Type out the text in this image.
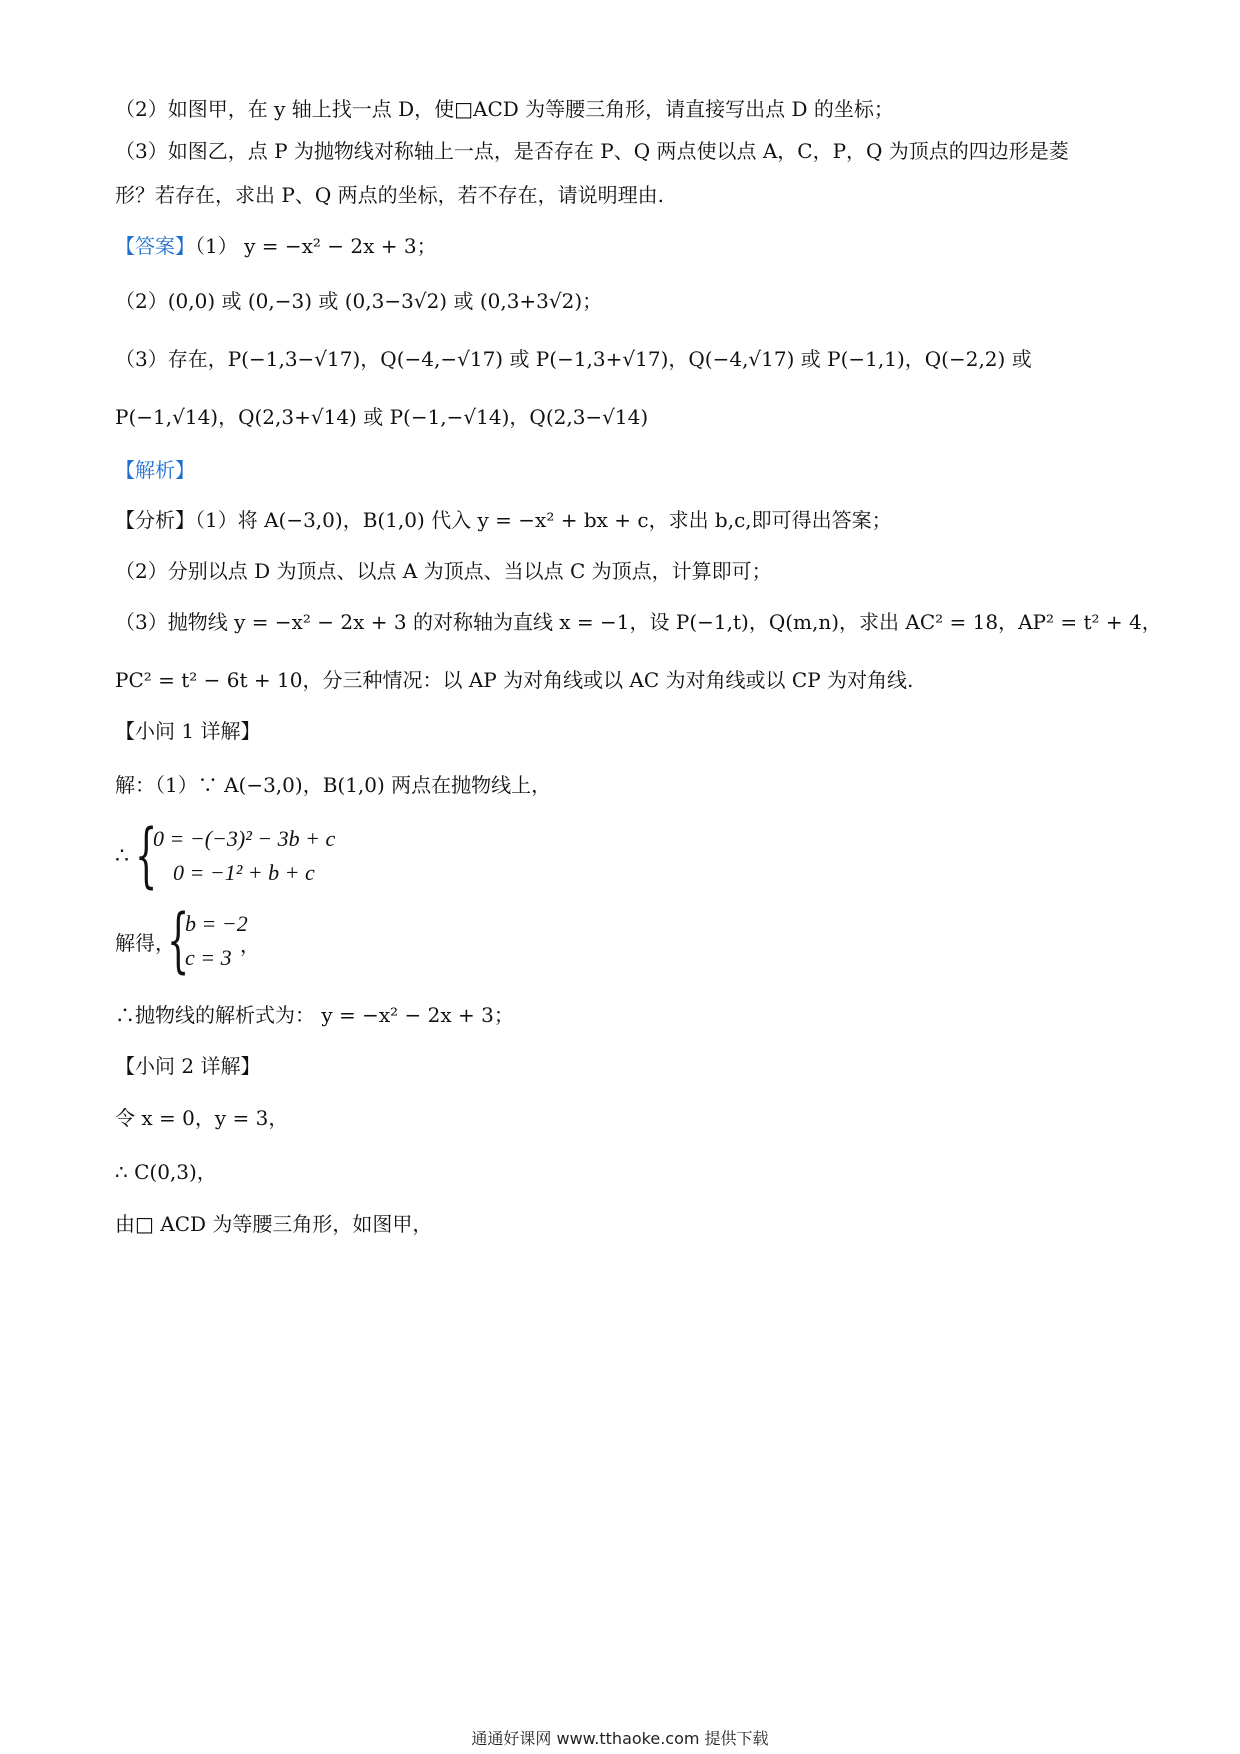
（2）如图甲，在 y 轴上找一点 D，使□ACD 为等腰三角形，请直接写出点 D 的坐标；
（3）如图乙，点 P 为抛物线对称轴上一点，是否存在 P、Q 两点使以点 A，C，P，Q 为顶点的四边形是菱
形？若存在，求出 P、Q 两点的坐标，若不存在，请说明理由.
【答案】（1） y = −x² − 2x + 3；
（2）(0,0) 或 (0,−3) 或 (0,3−3√2) 或 (0,3+3√2)；
（3）存在，P(−1,3−√17)，Q(−4,−√17) 或 P(−1,3+√17)，Q(−4,√17) 或 P(−1,1)，Q(−2,2) 或
P(−1,√14)，Q(2,3+√14) 或 P(−1,−√14)，Q(2,3−√14)
【解析】
【分析】（1）将 A(−3,0)，B(1,0) 代入 y = −x² + bx + c，求出 b,c,即可得出答案；
（2）分别以点 D 为顶点、以点 A 为顶点、当以点 C 为顶点，计算即可；
（3）抛物线 y = −x² − 2x + 3 的对称轴为直线 x = −1，设 P(−1,t)，Q(m,n)，求出 AC² = 18，AP² = t² + 4，
PC² = t² − 6t + 10，分三种情况：以 AP 为对角线或以 AC 为对角线或以 CP 为对角线.
【小问 1 详解】
解：（1）∵ A(−3,0)，B(1,0) 两点在抛物线上，
∴ {
0 = −(−3)² − 3b + c
0 = −1² + b + c
解得，
{
b = −2
c = 3 ，
∴抛物线的解析式为： y = −x² − 2x + 3；
【小问 2 详解】
令 x = 0，y = 3，
∴ C(0,3)，
由□ ACD 为等腰三角形，如图甲，
通通好课网 www.tthaoke.com 提供下载
